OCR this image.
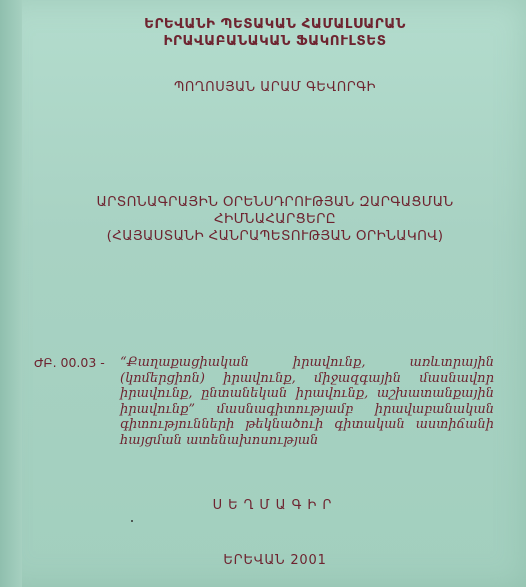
ԵՐԵՎԱՆԻ ՊԵՏԱԿԱՆ ՀԱՄԱԼՍԱՐԱՆ
ԻՐԱՎԱԲԱՆԱԿԱՆ ՖԱԿՈՒԼՏԵՏ
ՊՈՂՈՍՅԱՆ ԱՐԱՄ ԳԵՎՈՐԳԻ
ԱՐՏՈՆԱԳՐԱՅԻՆ ՕՐԵՆՍԴՐՈՒԹՅԱՆ ԶԱՐԳԱՑՄԱՆ ՀԻՄՆԱՀԱՐՑԵՐԸ
(ՀԱՅԱՍՏԱՆԻ ՀԱՆՐԱՊԵՏՈՒԹՅԱՆ ՕՐԻՆԱԿՈՎ)
ԺԲ. 00.03 -	“Քաղաքացիական իրավունք, առևտրային (կոմերցիոն) իրավունք, միջազգային մասնավոր իրավունք, ընտանեկան իրավունք, աշխատանքային իրավունք” մասնագիտությամբ իրավաբանական գիտությունների թեկնածուի գիտական աստիճանի հայցման ատենախոսության
ՍԵՂՄԱԳԻՐ
ԵՐԵՎԱՆ 2001
